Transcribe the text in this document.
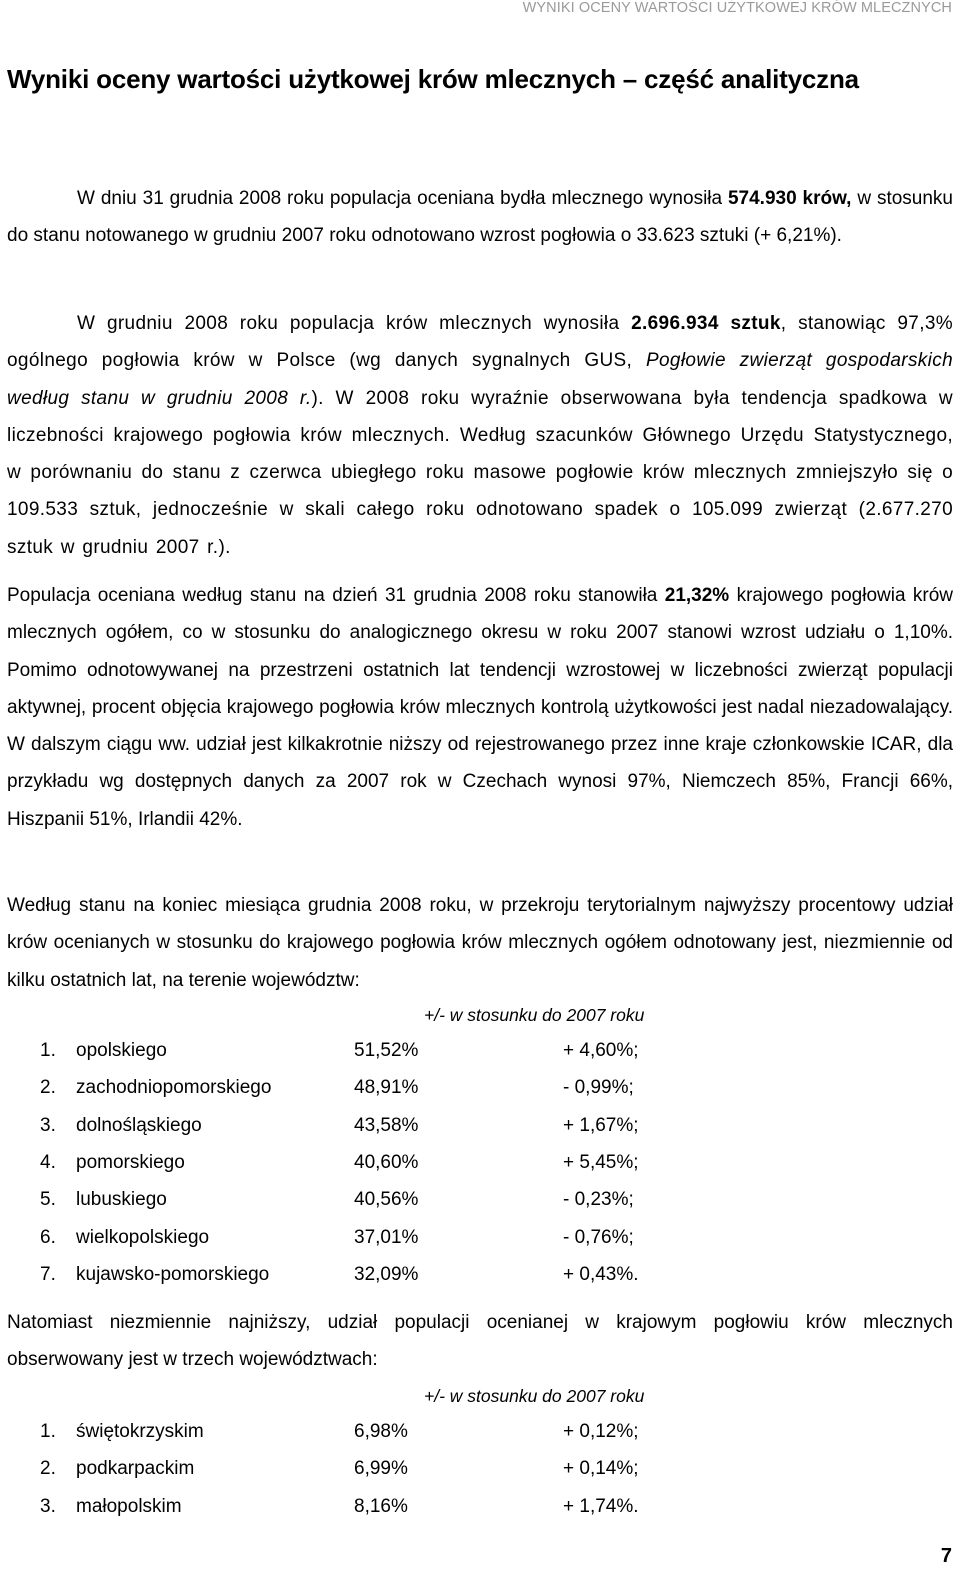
WYNIKI OCENY WARTOŚCI UŻYTKOWEJ KRÓW MLECZNYCH
Wyniki oceny wartości użytkowej krów mlecznych – część analityczna

W dniu 31 grudnia 2008 roku populacja oceniana bydła mlecznego wynosiła 574.930 krów, w stosunku do stanu notowanego w grudniu 2007 roku odnotowano wzrost pogłowia o 33.623 sztuki (+ 6,21%).

W grudniu 2008 roku populacja krów mlecznych wynosiła 2.696.934 sztuk, stanowiąc 97,3% ogólnego pogłowia krów w Polsce (wg danych sygnalnych GUS, Pogłowie zwierząt gospodarskich według stanu w grudniu 2008 r.). W 2008 roku wyraźnie obserwowana była tendencja spadkowa w liczebności krajowego pogłowia krów mlecznych. Według szacunków Głównego Urzędu Statystycznego, w porównaniu do stanu z czerwca ubiegłego roku masowe pogłowie krów mlecznych zmniejszyło się o 109.533 sztuk, jednocześnie w skali całego roku odnotowano spadek o 105.099 zwierząt (2.677.270 sztuk w grudniu 2007 r.).

Populacja oceniana według stanu na dzień 31 grudnia 2008 roku stanowiła 21,32% krajowego pogłowia krów mlecznych ogółem, co w stosunku do analogicznego okresu w roku 2007 stanowi wzrost udziału o 1,10%. Pomimo odnotowywanej na przestrzeni ostatnich lat tendencji wzrostowej w liczebności zwierząt populacji aktywnej, procent objęcia krajowego pogłowia krów mlecznych kontrolą użytkowości jest nadal niezadowalający. W dalszym ciągu ww. udział jest kilkakrotnie niższy od rejestrowanego przez inne kraje członkowskie ICAR, dla przykładu wg dostępnych danych za 2007 rok w Czechach wynosi 97%, Niemczech 85%, Francji 66%, Hiszpanii 51%, Irlandii 42%.

Według stanu na koniec miesiąca grudnia 2008 roku, w przekroju terytorialnym najwyższy procentowy udział krów ocenianych w stosunku do krajowego pogłowia krów mlecznych ogółem odnotowany jest, niezmiennie od kilku ostatnich lat, na terenie województw:

+/- w stosunku do 2007 roku
1. opolskiego	51,52%	+ 4,60%;
2. zachodniopomorskiego	48,91%	- 0,99%;
3. dolnośląskiego	43,58%	+ 1,67%;
4. pomorskiego	40,60%	+ 5,45%;
5. lubuskiego	40,56%	- 0,23%;
6. wielkopolskiego	37,01%	- 0,76%;
7. kujawsko-pomorskiego	32,09%	+ 0,43%.

Natomiast niezmiennie najniższy, udział populacji ocenianej w krajowym pogłowiu krów mlecznych obserwowany jest w trzech województwach:

+/- w stosunku do 2007 roku
1. świętokrzyskim	6,98%	+ 0,12%;
2. podkarpackim	6,99%	+ 0,14%;
3. małopolskim	8,16%	+ 1,74%.
7
